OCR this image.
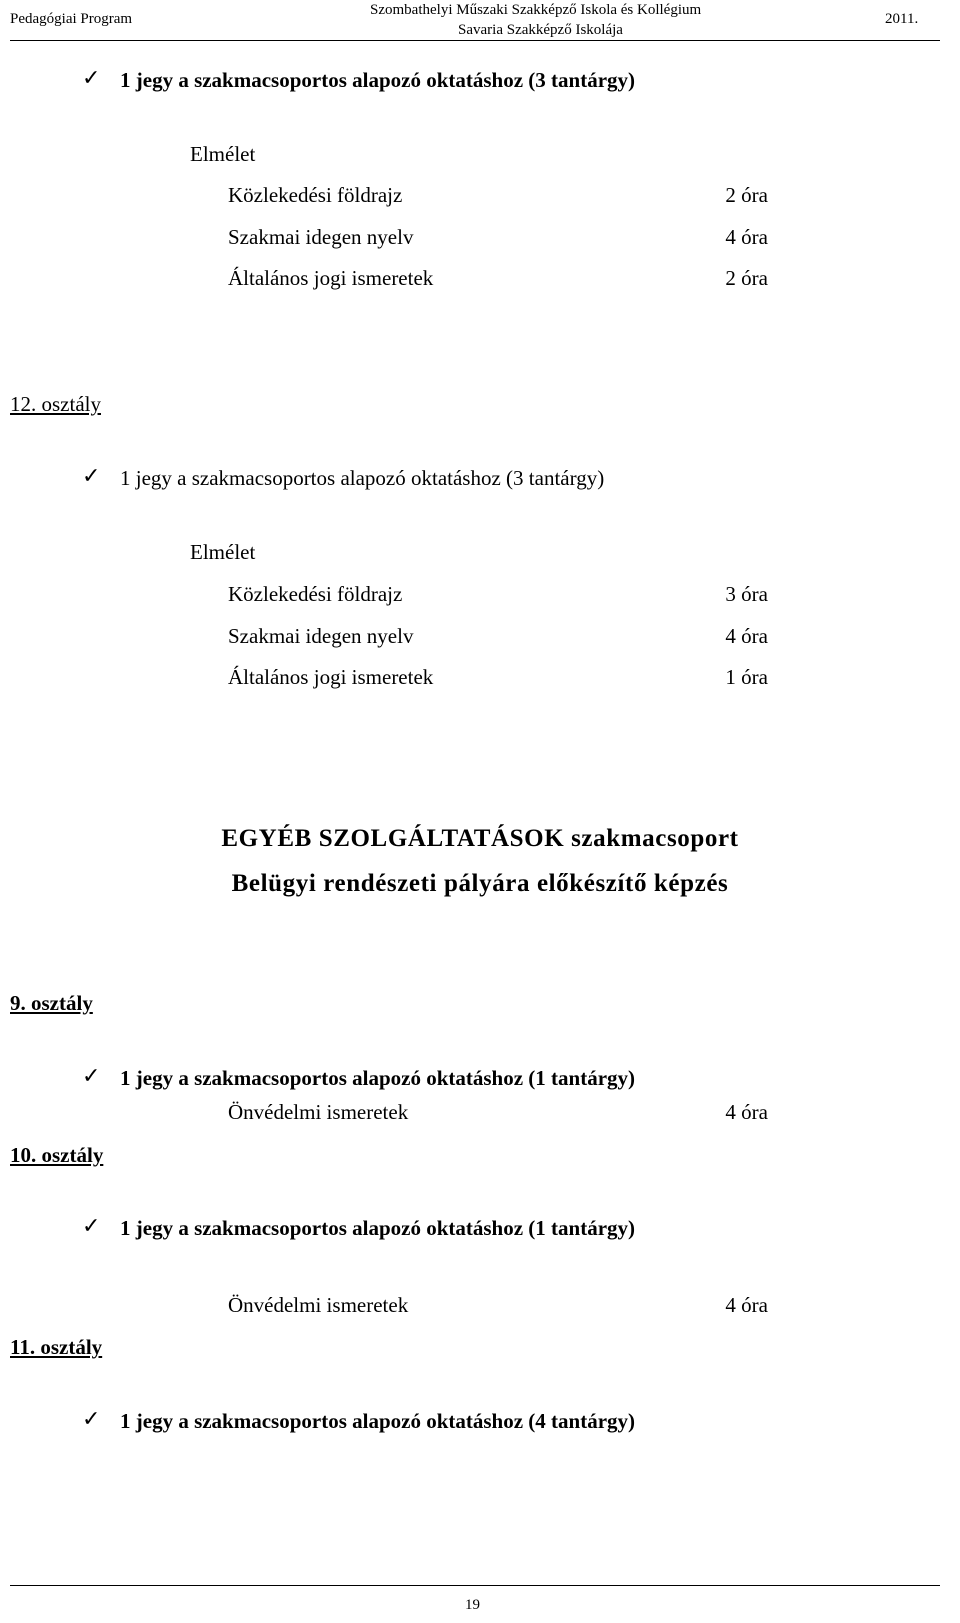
Pedagógiai Program
Szombathelyi Műszaki Szakképző Iskola és Kollégium
Savaria Szakképző Iskolája
2011.
✓ 1 jegy a szakmacsoportos alapozó oktatáshoz (3 tantárgy)
Elmélet
Közlekedési földrajz	2 óra
Szakmai idegen nyelv	4 óra
Általános jogi ismeretek	2 óra
12. osztály
✓ 1 jegy a szakmacsoportos alapozó oktatáshoz (3 tantárgy)
Elmélet
Közlekedési földrajz	3 óra
Szakmai idegen nyelv	4 óra
Általános jogi ismeretek	1 óra
EGYÉB SZOLGÁLTATÁSOK szakmacsoport
Belügyi rendészeti pályára előkészítő képzés
9. osztály
✓ 1 jegy a szakmacsoportos alapozó oktatáshoz (1 tantárgy)
Önvédelmi ismeretek	4 óra
10. osztály
✓ 1 jegy a szakmacsoportos alapozó oktatáshoz (1 tantárgy)
Önvédelmi ismeretek	4 óra
11. osztály
✓ 1 jegy a szakmacsoportos alapozó oktatáshoz (4 tantárgy)
19
